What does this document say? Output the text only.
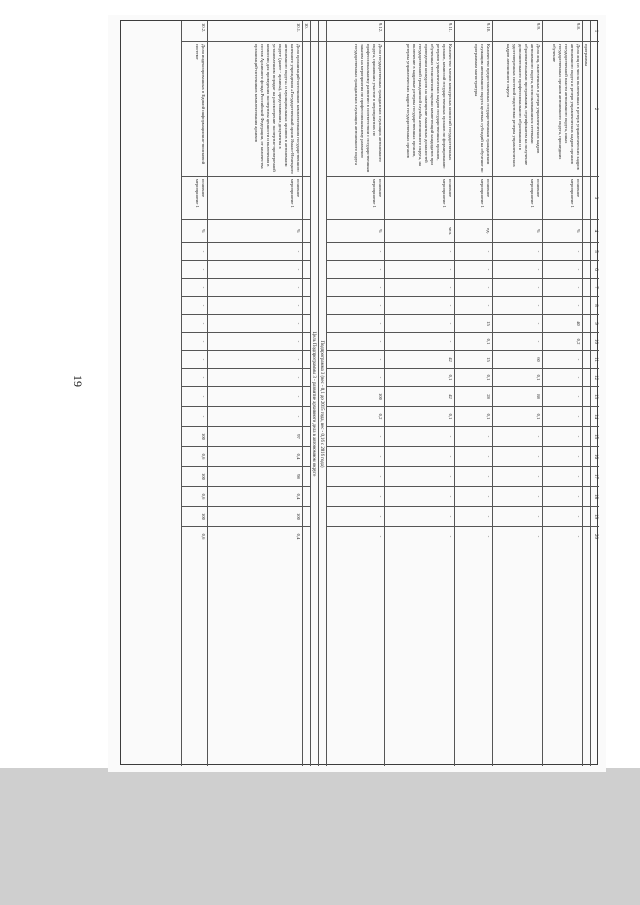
19
1
2
3
4
5
6
7
8
9
10
11
12
13
14
15
16
17
18
19
20
программы
9.8.
Доля лиц из числа включенных в резерв управленческих кадров автономного округа и резерв управленческих кадров органов государственной власти автономного округа, иных государственных органов автономного округа, прошедших обучение
основное мероприятие 1
%
-
-
-
-
40
0,2
-
-
-
-
-
-
-
-
-
-
9.9.
Доля лиц, включенных в резерв управленческих кадров автономного округа, воспользовавшихся сетевыми образовательными программами, сертификатом на получение дополнительного профессионального образования и в удостоверенных системой подготовки резерва управленческих кадров автономного округа
основное мероприятие 1
%
-
-
-
-
-
-
60
0,1
88
0,1
-
-
-
-
-
-
9.10.
Количество предоставленных государственным гражданским служащим автономного округа целевых субсидий на обучение по программам магистратуры
основное мероприятие 1
ед.
-
-
-
-
15
0,1
15
0,1
28
0,1
-
-
-
-
-
-
9.11.
Количество членов конкурсных комиссий государственных органов, комиссий государственных органов по формированию резервов управленческих кадров государственных органов, обученных технологиям оценки компетенций кандидатов при проведении конкурсов на замещение вакантных должностей государственной гражданской службы автономного округа, на включение в кадровые резервы государственных органов, резервы управленческих кадров государственных органов
основное мероприятие 1
чел.
-
-
-
-
-
-
42
0,1
42
0,1
-
-
-
-
-
-
9.12.
Доля государственных гражданских служащих автономного округа, принявших участие в мероприятиях по профессиональному развитию в соответствии с государственным заказом на мероприятия по профессиональному развитию государственных гражданских служащих автономного округа
основное мероприятие 1
%
-
-
-
-
-
-
-
-
100
0,2
-
-
-
-
-
-
Подпрограмма 3 (вес - 0,1 до 2015 года, вес - 0,16 с 2016 года)
Цель Подпрограммы 3 - развитие архивного дела в автономном округе
10.
10.1.
Доля организаций-источников комплектования государственного казенного учреждения «Государственный архив Ямало-Ненецкого автономного округа» и муниципальных архивов в автономном округе (далее - архивы), представивших документы в установленном порядке на рассмотрение экспертно-проверочной комиссии для проведения экспертизы ценности и включения в состав Архивного фонда Российской Федерации, от количества организаций-источников комплектования архивов
основное мероприятие 1
%
-
-
-
-
-
-
-
-
-
-
97
0,4
98
0,4
100
0,4
10.2.
Доля индексированных в Единой информационно-поисковой системе
основное мероприятие 1
%
-
-
-
-
-
-
-
-
-
-
100
0,6
100
0,6
100
0,6
